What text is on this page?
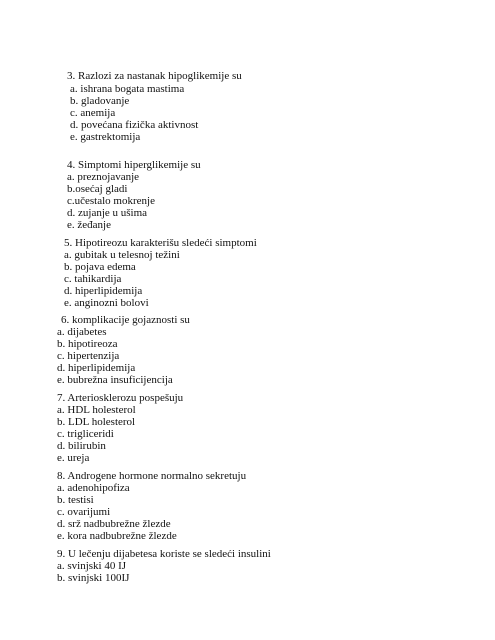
3. Razlozi za nastanak hipoglikemije su
a. ishrana bogata mastima
b. gladovanje
c. anemija
d. povećana fizička aktivnost
e. gastrektomija
4. Simptomi hiperglikemije su
a. preznojavanje
b.osećaj gladi
c.učestalo mokrenje
d. zujanje u ušima
e. žeđanje
5. Hipotireozu karakterišu sledeći simptomi
a. gubitak u telesnoj težini
b. pojava edema
c. tahikardija
d. hiperlipidemija
e. anginozni bolovi
6. komplikacije gojaznosti su
a. dijabetes
b. hipotireoza
c. hipertenzija
d. hiperlipidemija
e. bubrežna insuficijencija
7. Arteriosklerozu pospešuju
a. HDL holesterol
b. LDL holesterol
c. trigliceridi
d. bilirubin
e. ureja
8. Androgene hormone normalno sekretuju
a. adenohipofiza
b. testisi
c. ovarijumi
d. srž nadbubrežne žlezde
e. kora nadbubrežne žlezde
9. U lečenju dijabetesa koriste se sledeći insulini
a. svinjski 40 IJ
b. svinjski 100IJ
